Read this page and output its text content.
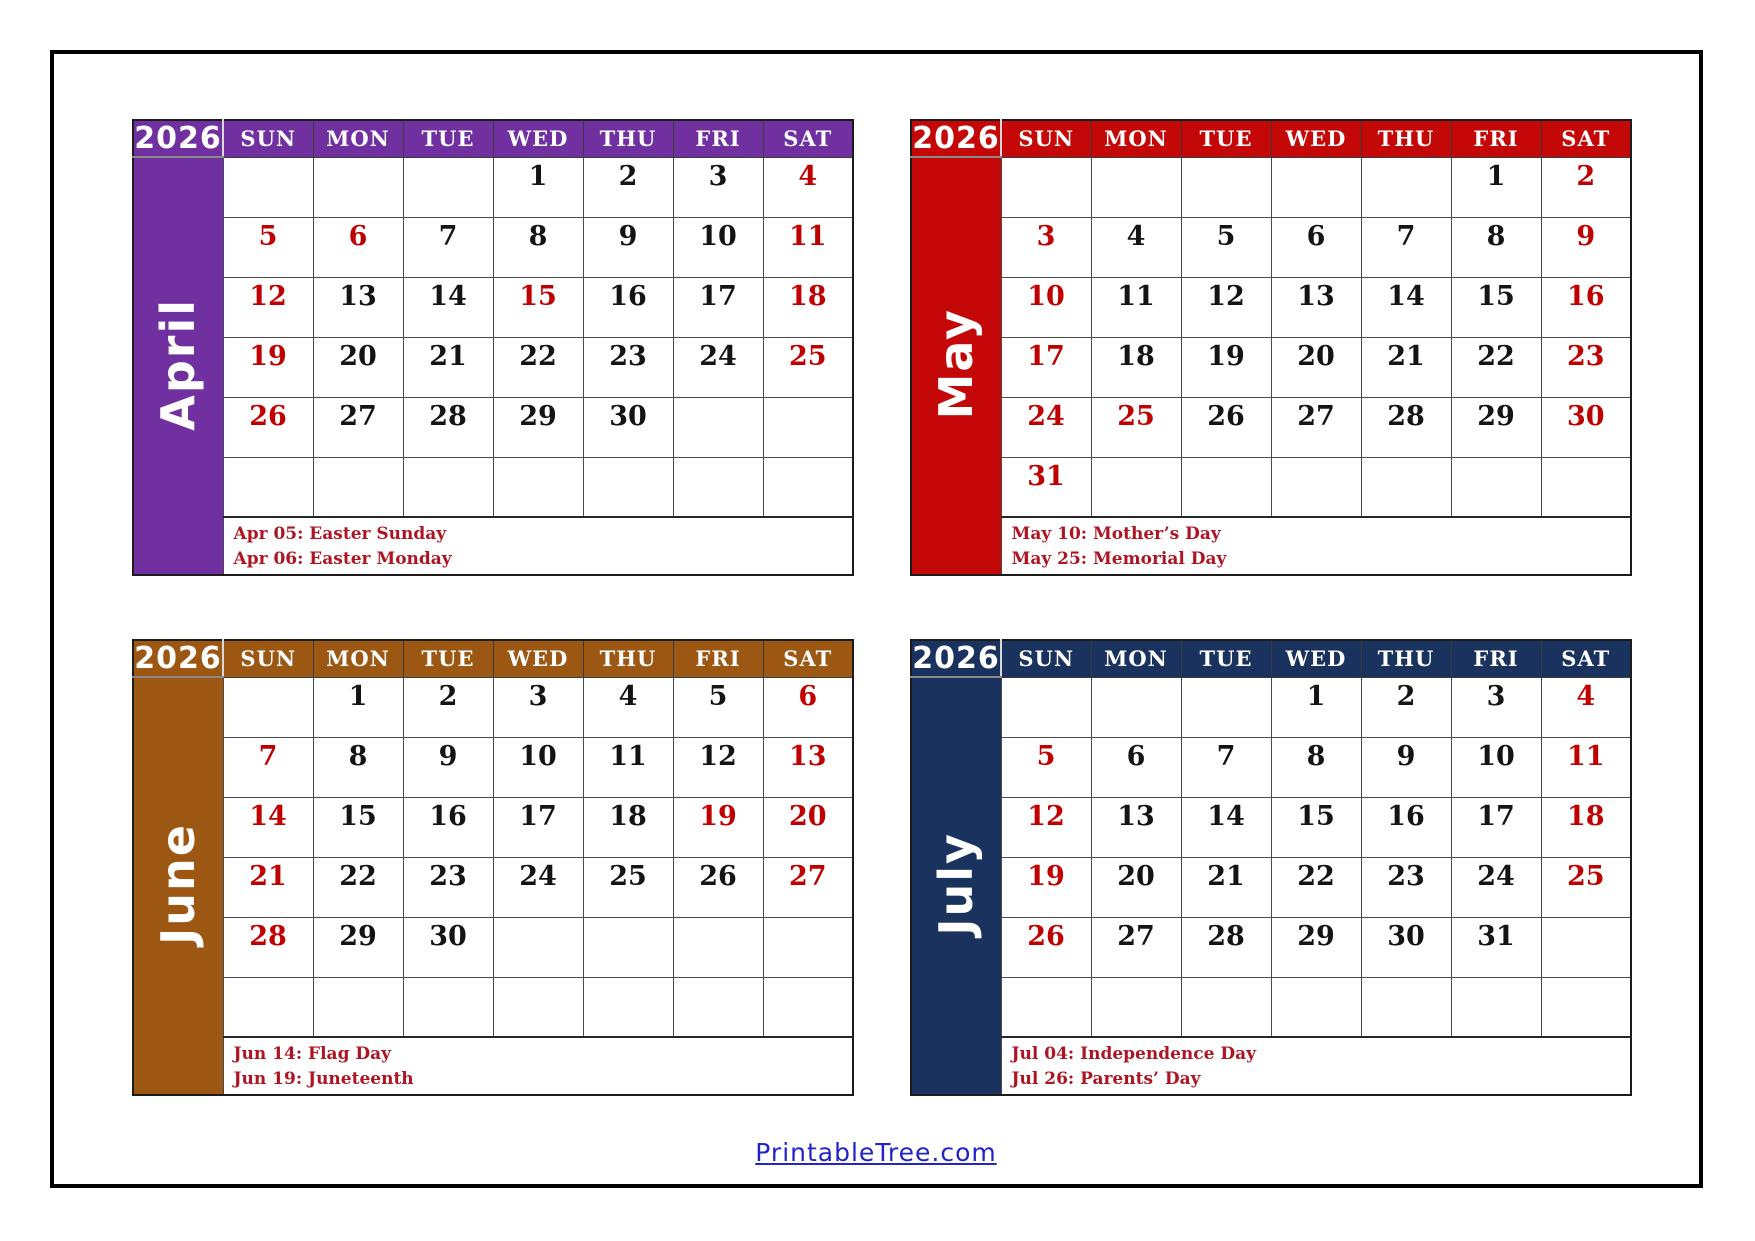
2026	SUN	MON	TUE	WED	THU	FRI	SAT
April				1	2	3	4
	5	6	7	8	9	10	11
	12	13	14	15	16	17	18
	19	20	21	22	23	24	25
	26	27	28	29	30		

	Apr 05: Easter Sunday
Apr 06: Easter Monday						
2026	SUN	MON	TUE	WED	THU	FRI	SAT
May						1	2
	3	4	5	6	7	8	9
	10	11	12	13	14	15	16
	17	18	19	20	21	22	23
	24	25	26	27	28	29	30
	31						

	May 10: Mother’s Day
May 25: Memorial Day						
2026	SUN	MON	TUE	WED	THU	FRI	SAT
June		1	2	3	4	5	6
	7	8	9	10	11	12	13
	14	15	16	17	18	19	20
	21	22	23	24	25	26	27
	28	29	30				

	Jun 14: Flag Day
Jun 19: Juneteenth						
2026	SUN	MON	TUE	WED	THU	FRI	SAT
July				1	2	3	4
	5	6	7	8	9	10	11
	12	13	14	15	16	17	18
	19	20	21	22	23	24	25
	26	27	28	29	30	31	

	Jul 04: Independence Day
Jul 26: Parents’ Day						
PrintableTree.com
